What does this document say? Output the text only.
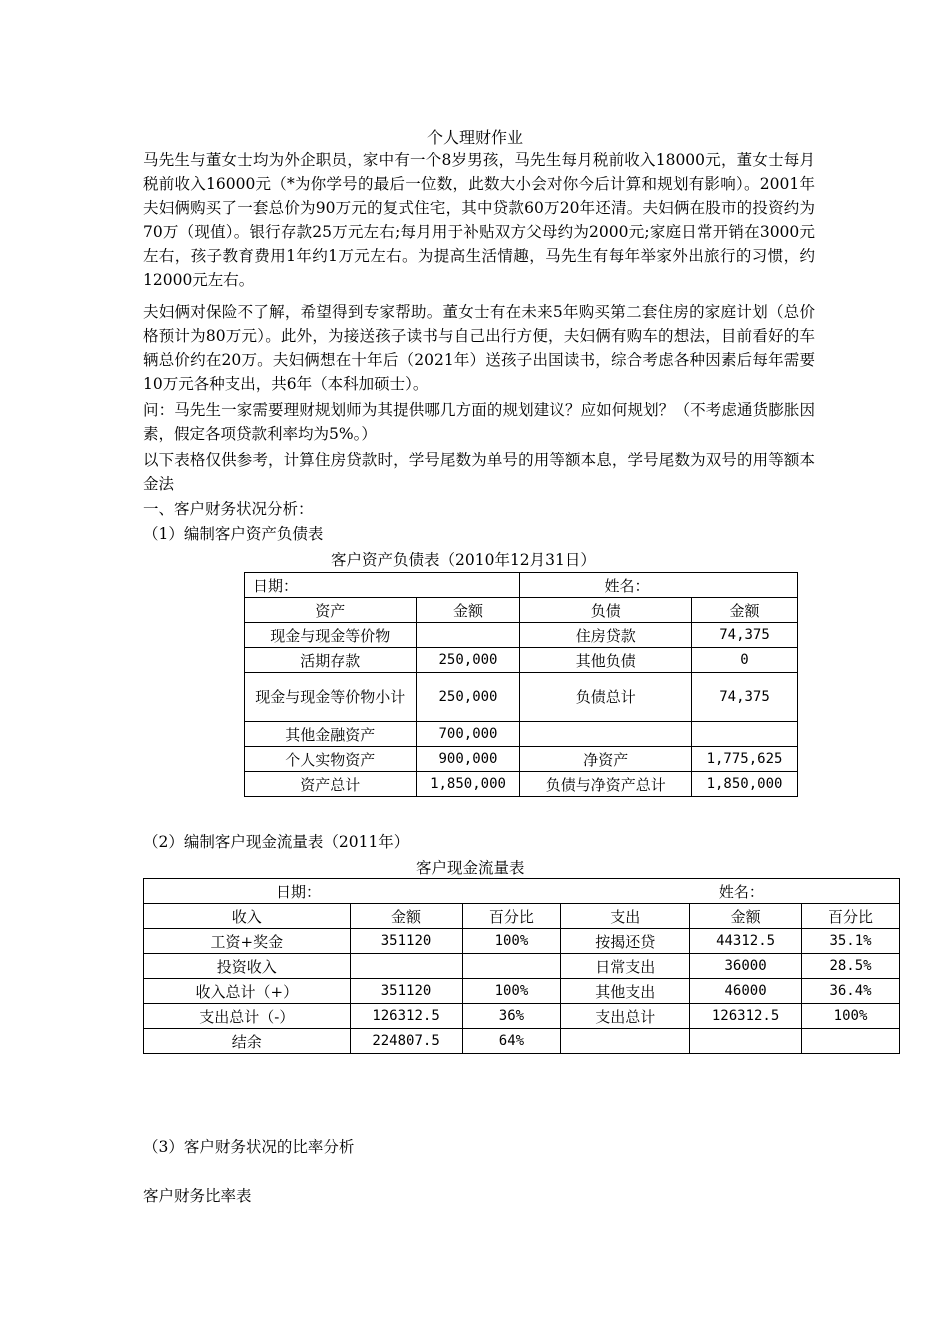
个人理财作业
马先生与董女士均为外企职员，家中有一个8岁男孩，马先生每月税前收入18000元，董女士每月税前收入16000元（*为你学号的最后一位数，此数大小会对你今后计算和规划有影响）。2001年夫妇俩购买了一套总价为90万元的复式住宅，其中贷款60万20年还清。夫妇俩在股市的投资约为70万（现值）。银行存款25万元左右;每月用于补贴双方父母约为2000元;家庭日常开销在3000元左右，孩子教育费用1年约1万元左右。为提高生活情趣，马先生有每年举家外出旅行的习惯，约12000元左右。
夫妇俩对保险不了解，希望得到专家帮助。董女士有在未来5年购买第二套住房的家庭计划（总价格预计为80万元）。此外，为接送孩子读书与自己出行方便，夫妇俩有购车的想法，目前看好的车辆总价约在20万。夫妇俩想在十年后（2021年）送孩子出国读书，综合考虑各种因素后每年需要10万元各种支出，共6年（本科加硕士）。
问：马先生一家需要理财规划师为其提供哪几方面的规划建议？应如何规划？（不考虑通货膨胀因素，假定各项贷款利率均为5%。）
以下表格仅供参考，计算住房贷款时，学号尾数为单号的用等额本息，学号尾数为双号的用等额本金法
一、客户财务状况分析：
（1）编制客户资产负债表
客户资产负债表（2010年12月31日）
日期：		姓名：	
资产	金额	负债	金额
现金与现金等价物		住房贷款	74,375
活期存款	250,000	其他负债	0
现金与现金等价物小计	250,000	负债总计	74,375
其他金融资产	700,000		
个人实物资产	900,000	净资产	1,775,625
资产总计	1,850,000	负债与净资产总计	1,850,000
（2）编制客户现金流量表（2011年）
客户现金流量表
日期：			姓名：		
收入	金额	百分比	支出	金额	百分比
工资+奖金	351120	100%	按揭还贷	44312.5	35.1%
投资收入			日常支出	36000	28.5%
收入总计（+）	351120	100%	其他支出	46000	36.4%
支出总计（-）	126312.5	36%	支出总计	126312.5	100%
结余	224807.5	64%			
（3）客户财务状况的比率分析
客户财务比率表
